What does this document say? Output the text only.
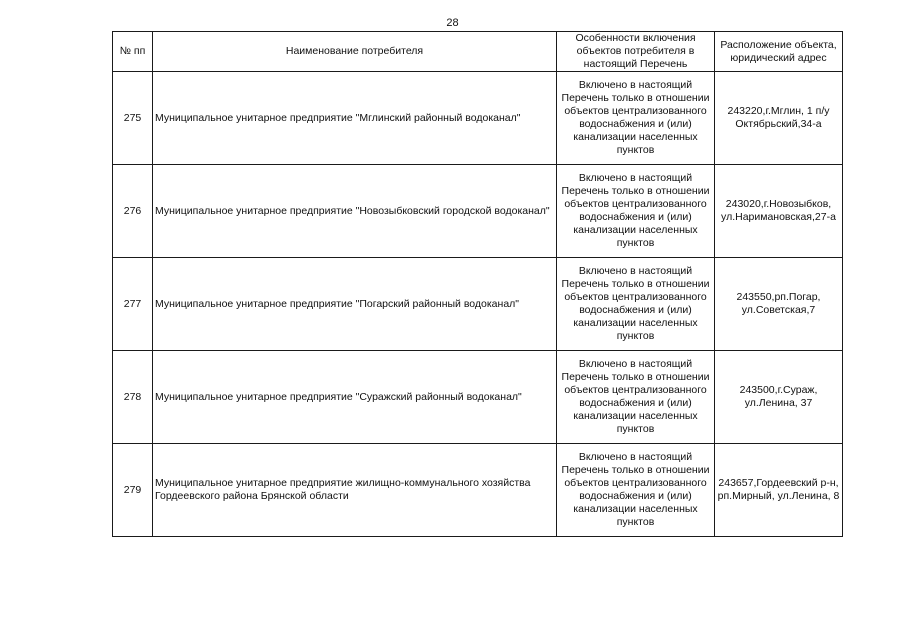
28
№ пп	Наименование потребителя	Особенности включения объектов потребителя в настоящий Перечень	Расположение объекта, юридический адрес
275	Муниципальное унитарное предприятие "Мглинский районный водоканал"	Включено в настоящий Перечень только в отношении объектов централизованного водоснабжения и (или) канализации населенных пунктов	243220,г.Мглин, 1 п/у Октябрьский,34-а
276	Муниципальное унитарное предприятие "Новозыбковский городской водоканал"	Включено в настоящий Перечень только в отношении объектов централизованного водоснабжения и (или) канализации населенных пунктов	243020,г.Новозыбков, ул.Наримановская,27-а
277	Муниципальное унитарное предприятие "Погарский районный водоканал"	Включено в настоящий Перечень только в отношении объектов централизованного водоснабжения и (или) канализации населенных пунктов	243550,рп.Погар, ул.Советская,7
278	Муниципальное унитарное предприятие "Суражский районный водоканал"	Включено в настоящий Перечень только в отношении объектов централизованного водоснабжения и (или) канализации населенных пунктов	243500,г.Сураж, ул.Ленина, 37
279	Муниципальное унитарное предприятие жилищно-коммунального хозяйства Гордеевского района Брянской области	Включено в настоящий Перечень только в отношении объектов централизованного водоснабжения и (или) канализации населенных пунктов	243657,Гордеевский р-н, рп.Мирный, ул.Ленина, 8
